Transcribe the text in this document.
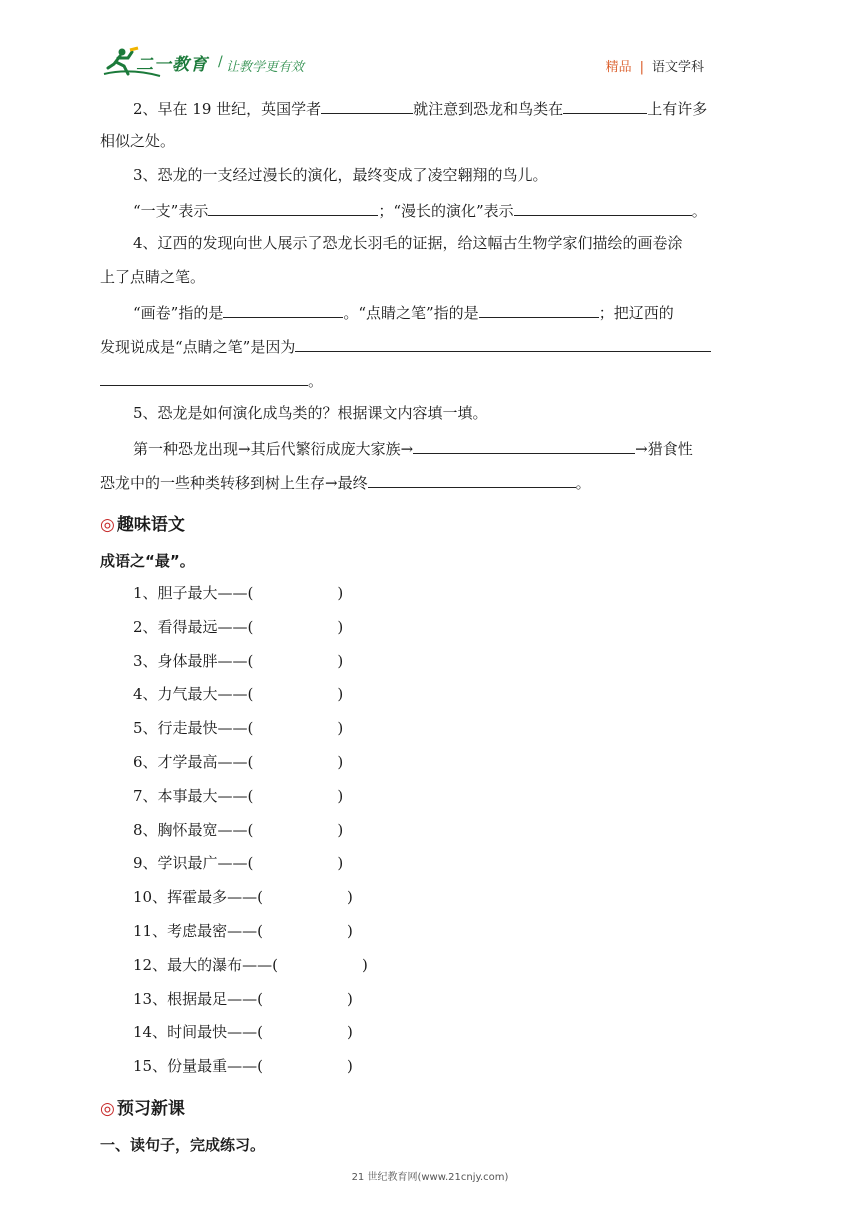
二一教育 / 让教学更有效	精品 | 语文学科
2、早在 19 世纪，英国学者	就注意到恐龙和鸟类在	上有许多
相似之处。
3、恐龙的一支经过漫长的演化，最终变成了凌空翱翔的鸟儿。
“一支”表示	；“漫长的演化”表示	。
4、辽西的发现向世人展示了恐龙长羽毛的证据，给这幅古生物学家们描绘的画卷涂
上了点睛之笔。
“画卷”指的是	。“点睛之笔”指的是	；把辽西的
发现说成是“点睛之笔”是因为
。
5、恐龙是如何演化成鸟类的？根据课文内容填一填。
第一种恐龙出现→其后代繁衍成庞大家族→	→猎食性
恐龙中的一些种类转移到树上生存→最终	。
◎ 趣味语文
成语之“最”。
1、胆子最大——(	)
2、看得最远——(	)
3、身体最胖——(	)
4、力气最大——(	)
5、行走最快——(	)
6、才学最高——(	)
7、本事最大——(	)
8、胸怀最宽——(	)
9、学识最广——(	)
10、挥霍最多——(	)
11、考虑最密——(	)
12、最大的瀑布——(	)
13、根据最足——(	)
14、时间最快——(	)
15、份量最重——(	)
◎ 预习新课
一、读句子，完成练习。
21 世纪教育网(www.21cnjy.com)
